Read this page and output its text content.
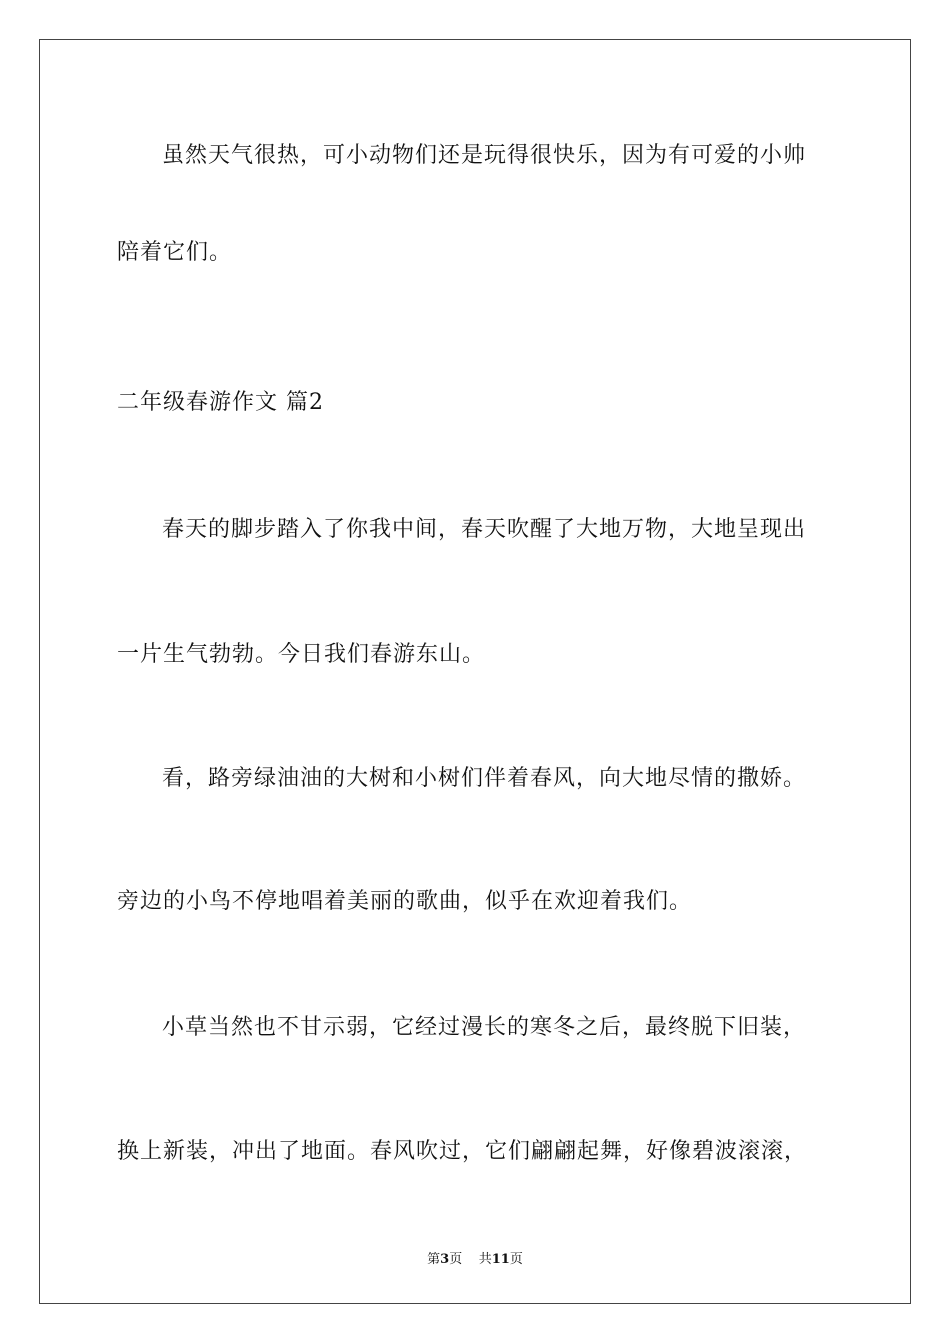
虽然天气很热，可小动物们还是玩得很快乐，因为有可爱的小帅
陪着它们。
二年级春游作文 篇2
春天的脚步踏入了你我中间，春天吹醒了大地万物，大地呈现出
一片生气勃勃。今日我们春游东山。
看，路旁绿油油的大树和小树们伴着春风，向大地尽情的撒娇。
旁边的小鸟不停地唱着美丽的歌曲，似乎在欢迎着我们。
小草当然也不甘示弱，它经过漫长的寒冬之后，最终脱下旧装，
换上新装，冲出了地面。春风吹过，它们翩翩起舞，好像碧波滚滚，
第3页 共11页
